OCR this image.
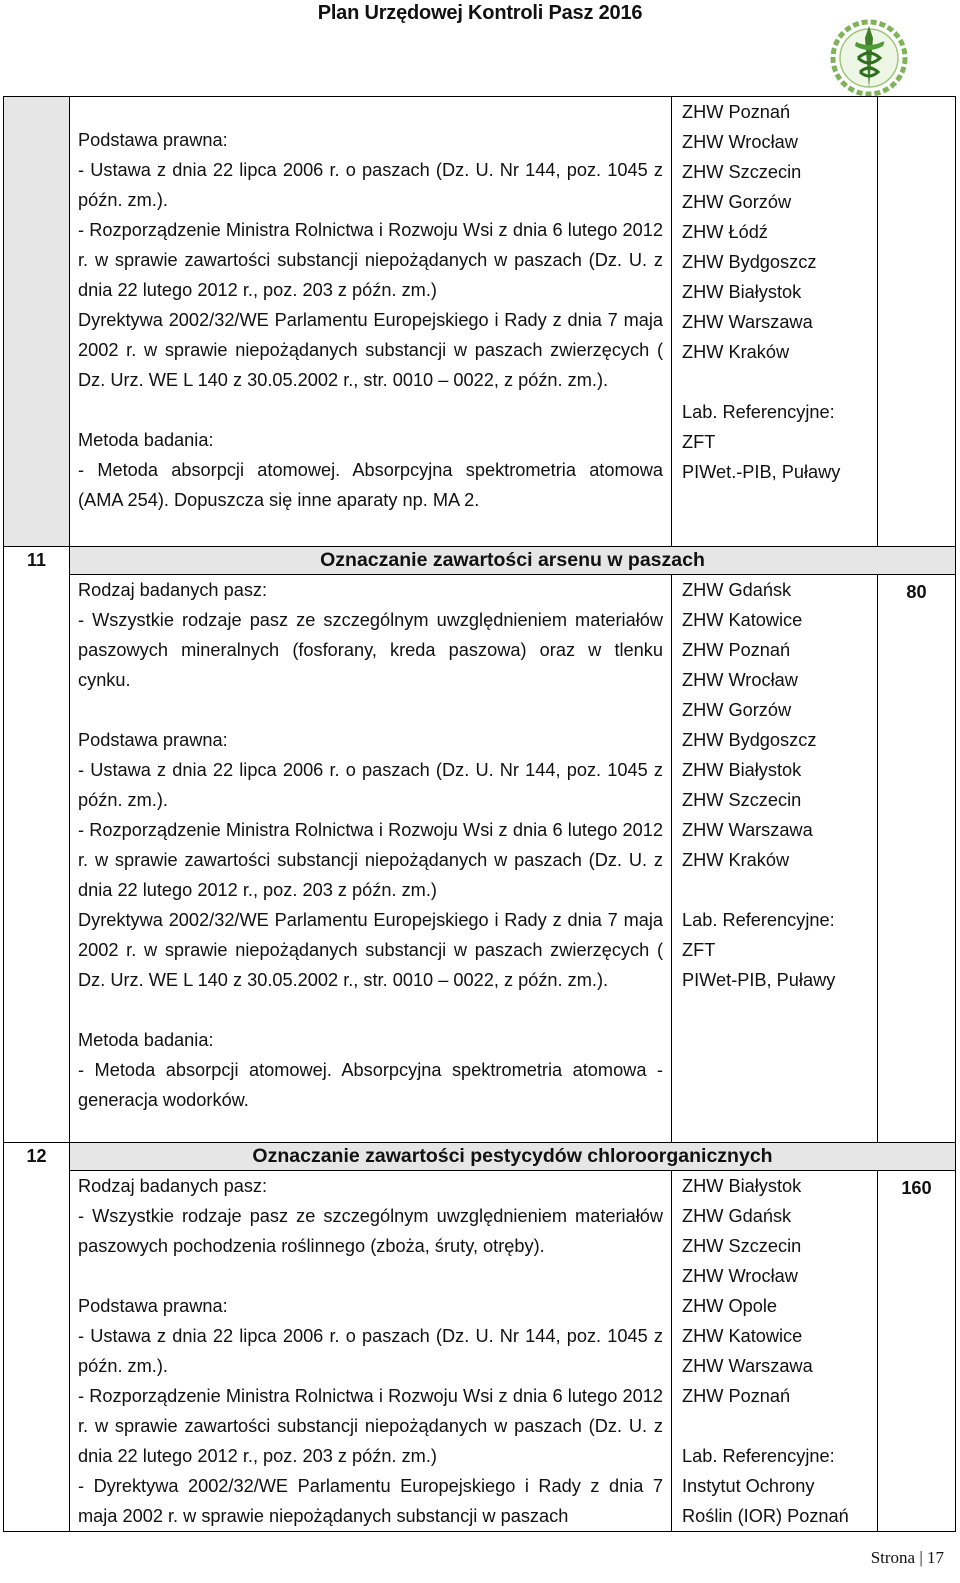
Plan Urzędowej Kontroli Pasz 2016
Podstawa prawna:

- Ustawa z dnia 22 lipca 2006 r. o paszach (Dz. U. Nr 144, poz. 1045 z późn. zm.).

- Rozporządzenie Ministra Rolnictwa i Rozwoju Wsi z dnia 6 lutego 2012 r. w sprawie zawartości substancji niepożądanych w paszach (Dz. U. z dnia 22 lutego 2012 r., poz. 203 z późn. zm.)

Dyrektywa 2002/32/WE Parlamentu Europejskiego i Rady z dnia 7 maja 2002 r. w sprawie niepożądanych substancji w paszach zwierzęcych ( Dz. Urz. WE L 140 z 30.05.2002 r., str. 0010 – 0022, z późn. zm.).

Metoda badania:

- Metoda absorpcji atomowej. Absorpcyjna spektrometria atomowa (AMA 254). Dopuszcza się inne aparaty np. MA 2.

ZHW Poznań
ZHW Wrocław
ZHW Szczecin
ZHW Gorzów
ZHW Łódź
ZHW Bydgoszcz
ZHW Białystok
ZHW Warszawa
ZHW Kraków
Lab. Referencyjne:
ZFT
PIWet.-PIB, Puławy
11	Oznaczanie zawartości arsenu w paszach
Rodzaj badanych pasz:

- Wszystkie rodzaje pasz ze szczególnym uwzględnieniem materiałów paszowych mineralnych (fosforany, kreda paszowa) oraz w tlenku cynku.

Podstawa prawna:

- Ustawa z dnia 22 lipca 2006 r. o paszach (Dz. U. Nr 144, poz. 1045 z późn. zm.).

- Rozporządzenie Ministra Rolnictwa i Rozwoju Wsi z dnia 6 lutego 2012 r. w sprawie zawartości substancji niepożądanych w paszach (Dz. U. z dnia 22 lutego 2012 r., poz. 203 z późn. zm.)

Dyrektywa 2002/32/WE Parlamentu Europejskiego i Rady z dnia 7 maja 2002 r. w sprawie niepożądanych substancji w paszach zwierzęcych ( Dz. Urz. WE L 140 z 30.05.2002 r., str. 0010 – 0022, z późn. zm.).

Metoda badania:

- Metoda absorpcji atomowej. Absorpcyjna spektrometria atomowa - generacja wodorków.

ZHW Gdańsk
ZHW Katowice
ZHW Poznań
ZHW Wrocław
ZHW Gorzów
ZHW Bydgoszcz
ZHW Białystok
ZHW Szczecin
ZHW Warszawa
ZHW Kraków
Lab. Referencyjne:
ZFT
PIWet-PIB, Puławy
80
12	Oznaczanie zawartości pestycydów chloroorganicznych
Rodzaj badanych pasz:

- Wszystkie rodzaje pasz ze szczególnym uwzględnieniem materiałów paszowych pochodzenia roślinnego (zboża, śruty, otręby).

Podstawa prawna:

- Ustawa z dnia 22 lipca 2006 r. o paszach (Dz. U. Nr 144, poz. 1045 z późn. zm.).

- Rozporządzenie Ministra Rolnictwa i Rozwoju Wsi z dnia 6 lutego 2012 r. w sprawie zawartości substancji niepożądanych w paszach (Dz. U. z dnia 22 lutego 2012 r., poz. 203 z późn. zm.)

- Dyrektywa 2002/32/WE Parlamentu Europejskiego i Rady z dnia 7 maja 2002 r. w sprawie niepożądanych substancji w paszach

ZHW Białystok
ZHW Gdańsk
ZHW Szczecin
ZHW Wrocław
ZHW Opole
ZHW Katowice
ZHW Warszawa
ZHW Poznań
Lab. Referencyjne:
Instytut Ochrony
Roślin (IOR) Poznań
160
Strona | 17
